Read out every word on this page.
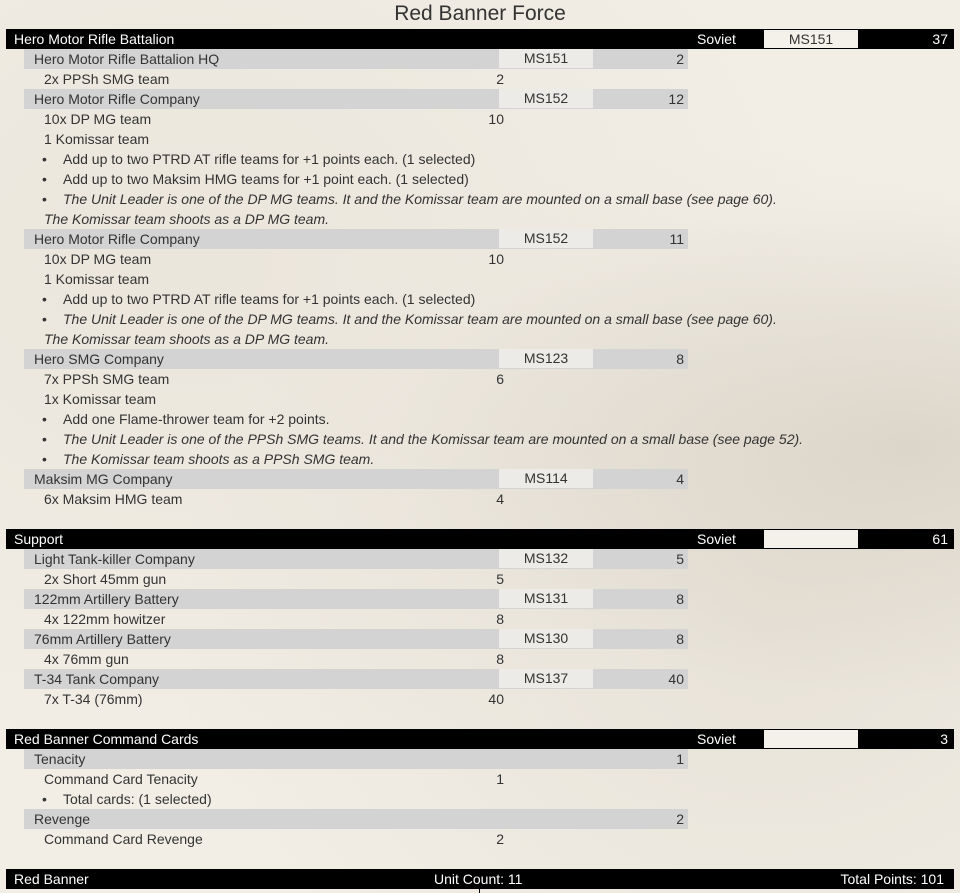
Red Banner Force
Hero Motor Rifle Battalion	Soviet	MS151	37
Hero Motor Rifle Battalion HQ	MS151	2
2x PPSh SMG team	2
Hero Motor Rifle Company	MS152	12
10x DP MG team	10
1 Komissar team
Add up to two PTRD AT rifle teams for +1 points each. (1 selected)
Add up to two Maksim HMG teams for +1 point each. (1 selected)
The Unit Leader is one of the DP MG teams. It and the Komissar team are mounted on a small base (see page 60).
The Komissar team shoots as a DP MG team.
Hero Motor Rifle Company	MS152	11
10x DP MG team	10
1 Komissar team
Add up to two PTRD AT rifle teams for +1 points each. (1 selected)
The Unit Leader is one of the DP MG teams. It and the Komissar team are mounted on a small base (see page 60).
The Komissar team shoots as a DP MG team.
Hero SMG Company	MS123	8
7x PPSh SMG team	6
1x Komissar team
Add one Flame-thrower team for +2 points.
The Unit Leader is one of the PPSh SMG teams. It and the Komissar team are mounted on a small base (see page 52).
The Komissar team shoots as a PPSh SMG team.
Maksim MG Company	MS114	4
6x Maksim HMG team	4
Support	Soviet	61
Light Tank-killer Company	MS132	5
2x Short 45mm gun	5
122mm Artillery Battery	MS131	8
4x 122mm howitzer	8
76mm Artillery Battery	MS130	8
4x 76mm gun	8
T-34 Tank Company	MS137	40
7x T-34 (76mm)	40
Red Banner Command Cards	Soviet	3
Tenacity	1
Command Card Tenacity	1
Total cards: (1 selected)
Revenge	2
Command Card Revenge	2
Red Banner	Unit Count: 11	Total Points: 101
